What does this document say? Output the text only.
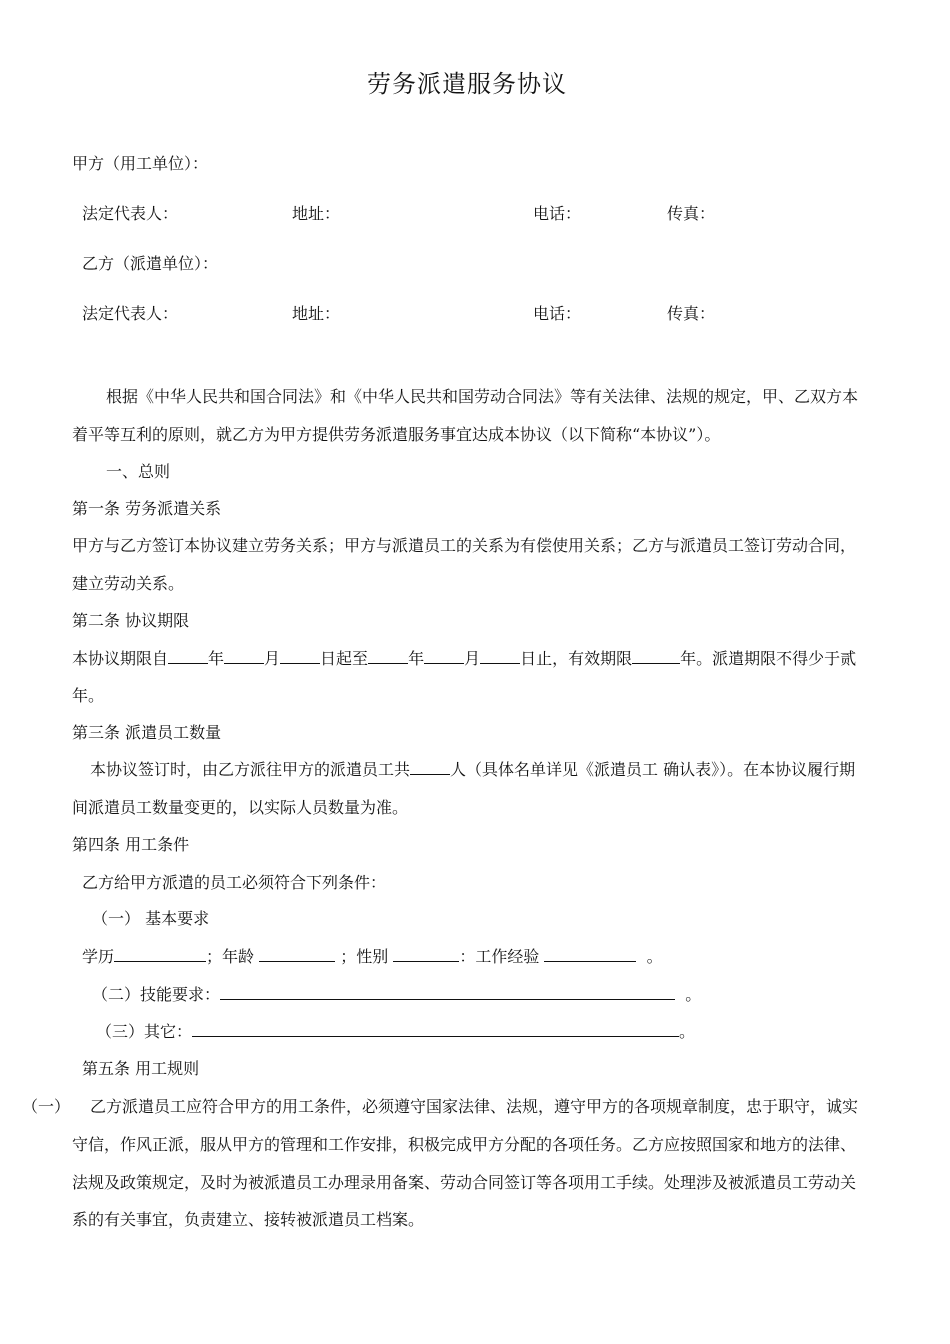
劳务派遣服务协议
甲方（用工单位）：
法定代表人：	地址：	电话：	传真：
乙方（派遣单位）：
法定代表人：	地址：	电话：	传真：
根据《中华人民共和国合同法》和《中华人民共和国劳动合同法》等有关法律、法规的规定，甲、乙双方本
着平等互利的原则，就乙方为甲方提供劳务派遣服务事宜达成本协议（以下简称“本协议”）。
一、总则
第一条 劳务派遣关系
甲方与乙方签订本协议建立劳务关系；甲方与派遣员工的关系为有偿使用关系；乙方与派遣员工签订劳动合同，
建立劳动关系。
第二条 协议期限
本协议期限自	年	月	日起至	年	月	日止，有效期限	年。派遣期限不得少于贰
年。
第三条 派遣员工数量
本协议签订时，由乙方派往甲方的派遣员工共	人（具体名单详见《派遣员工 确认表》）。在本协议履行期
间派遣员工数量变更的，以实际人员数量为准。
第四条 用工条件
乙方给甲方派遣的员工必须符合下列条件：
（一） 基本要求
学历	；年龄	；性别	：工作经验	。
（二）技能要求：	。
（三）其它：	。
第五条 用工规则
（一） 乙方派遣员工应符合甲方的用工条件，必须遵守国家法律、法规，遵守甲方的各项规章制度，忠于职守，诚实
守信，作风正派，服从甲方的管理和工作安排，积极完成甲方分配的各项任务。乙方应按照国家和地方的法律、
法规及政策规定，及时为被派遣员工办理录用备案、劳动合同签订等各项用工手续。处理涉及被派遣员工劳动关
系的有关事宜，负责建立、接转被派遣员工档案。
